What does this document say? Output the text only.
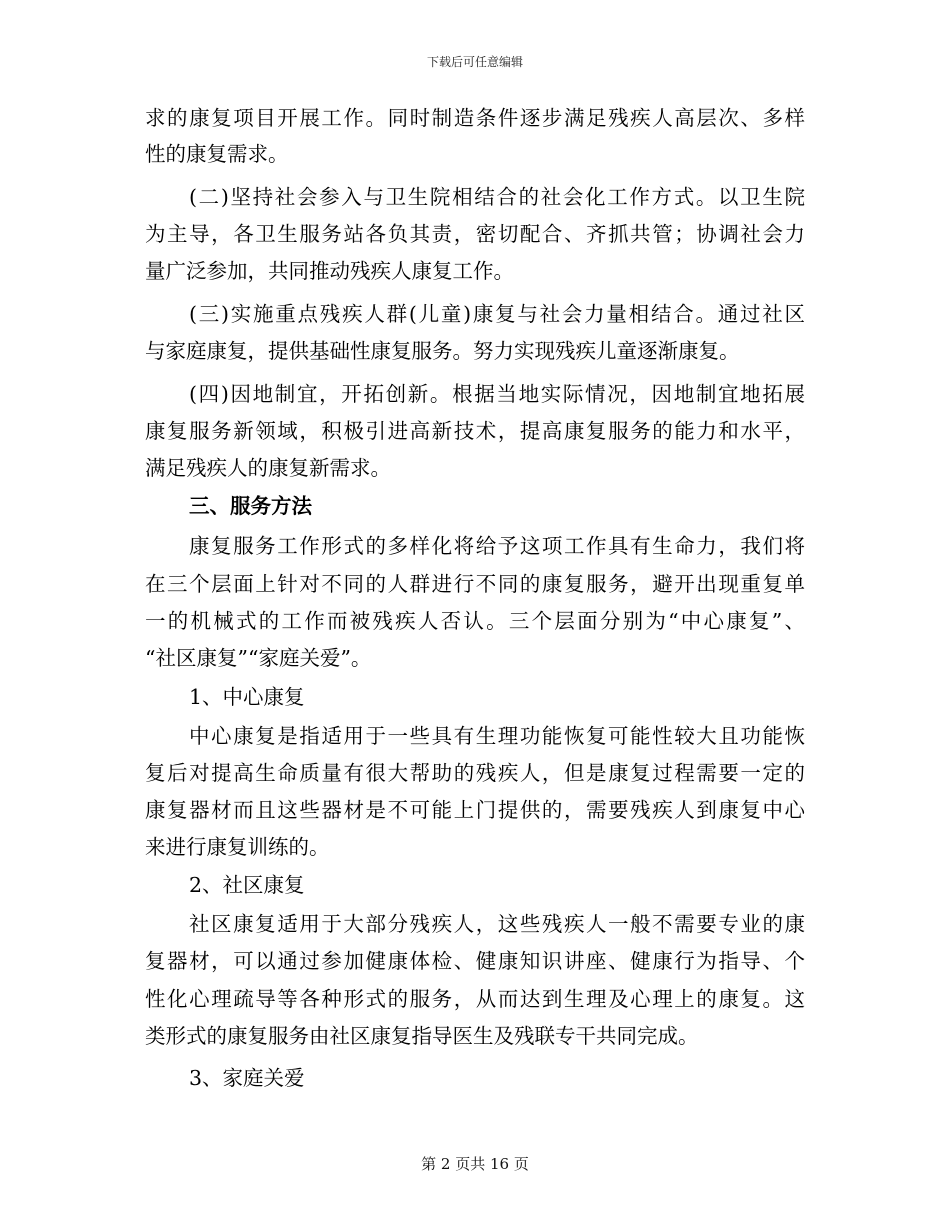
下载后可任意编辑
求的康复项目开展工作。同时制造条件逐步满足残疾人高层次、多样
性的康复需求。
(二)坚持社会参入与卫生院相结合的社会化工作方式。以卫生院
为主导，各卫生服务站各负其责，密切配合、齐抓共管；协调社会力
量广泛参加，共同推动残疾人康复工作。
(三)实施重点残疾人群(儿童)康复与社会力量相结合。通过社区
与家庭康复，提供基础性康复服务。努力实现残疾儿童逐渐康复。
(四)因地制宜，开拓创新。根据当地实际情况，因地制宜地拓展
康复服务新领域，积极引进高新技术，提高康复服务的能力和水平，
满足残疾人的康复新需求。
三、服务方法
康复服务工作形式的多样化将给予这项工作具有生命力，我们将
在三个层面上针对不同的人群进行不同的康复服务，避开出现重复单
一的机械式的工作而被残疾人否认。三个层面分别为“中心康复”、
“社区康复”“家庭关爱”。
1、中心康复
中心康复是指适用于一些具有生理功能恢复可能性较大且功能恢
复后对提高生命质量有很大帮助的残疾人，但是康复过程需要一定的
康复器材而且这些器材是不可能上门提供的，需要残疾人到康复中心
来进行康复训练的。
2、社区康复
社区康复适用于大部分残疾人，这些残疾人一般不需要专业的康
复器材，可以通过参加健康体检、健康知识讲座、健康行为指导、个
性化心理疏导等各种形式的服务，从而达到生理及心理上的康复。这
类形式的康复服务由社区康复指导医生及残联专干共同完成。
3、家庭关爱
第 2 页共 16 页
